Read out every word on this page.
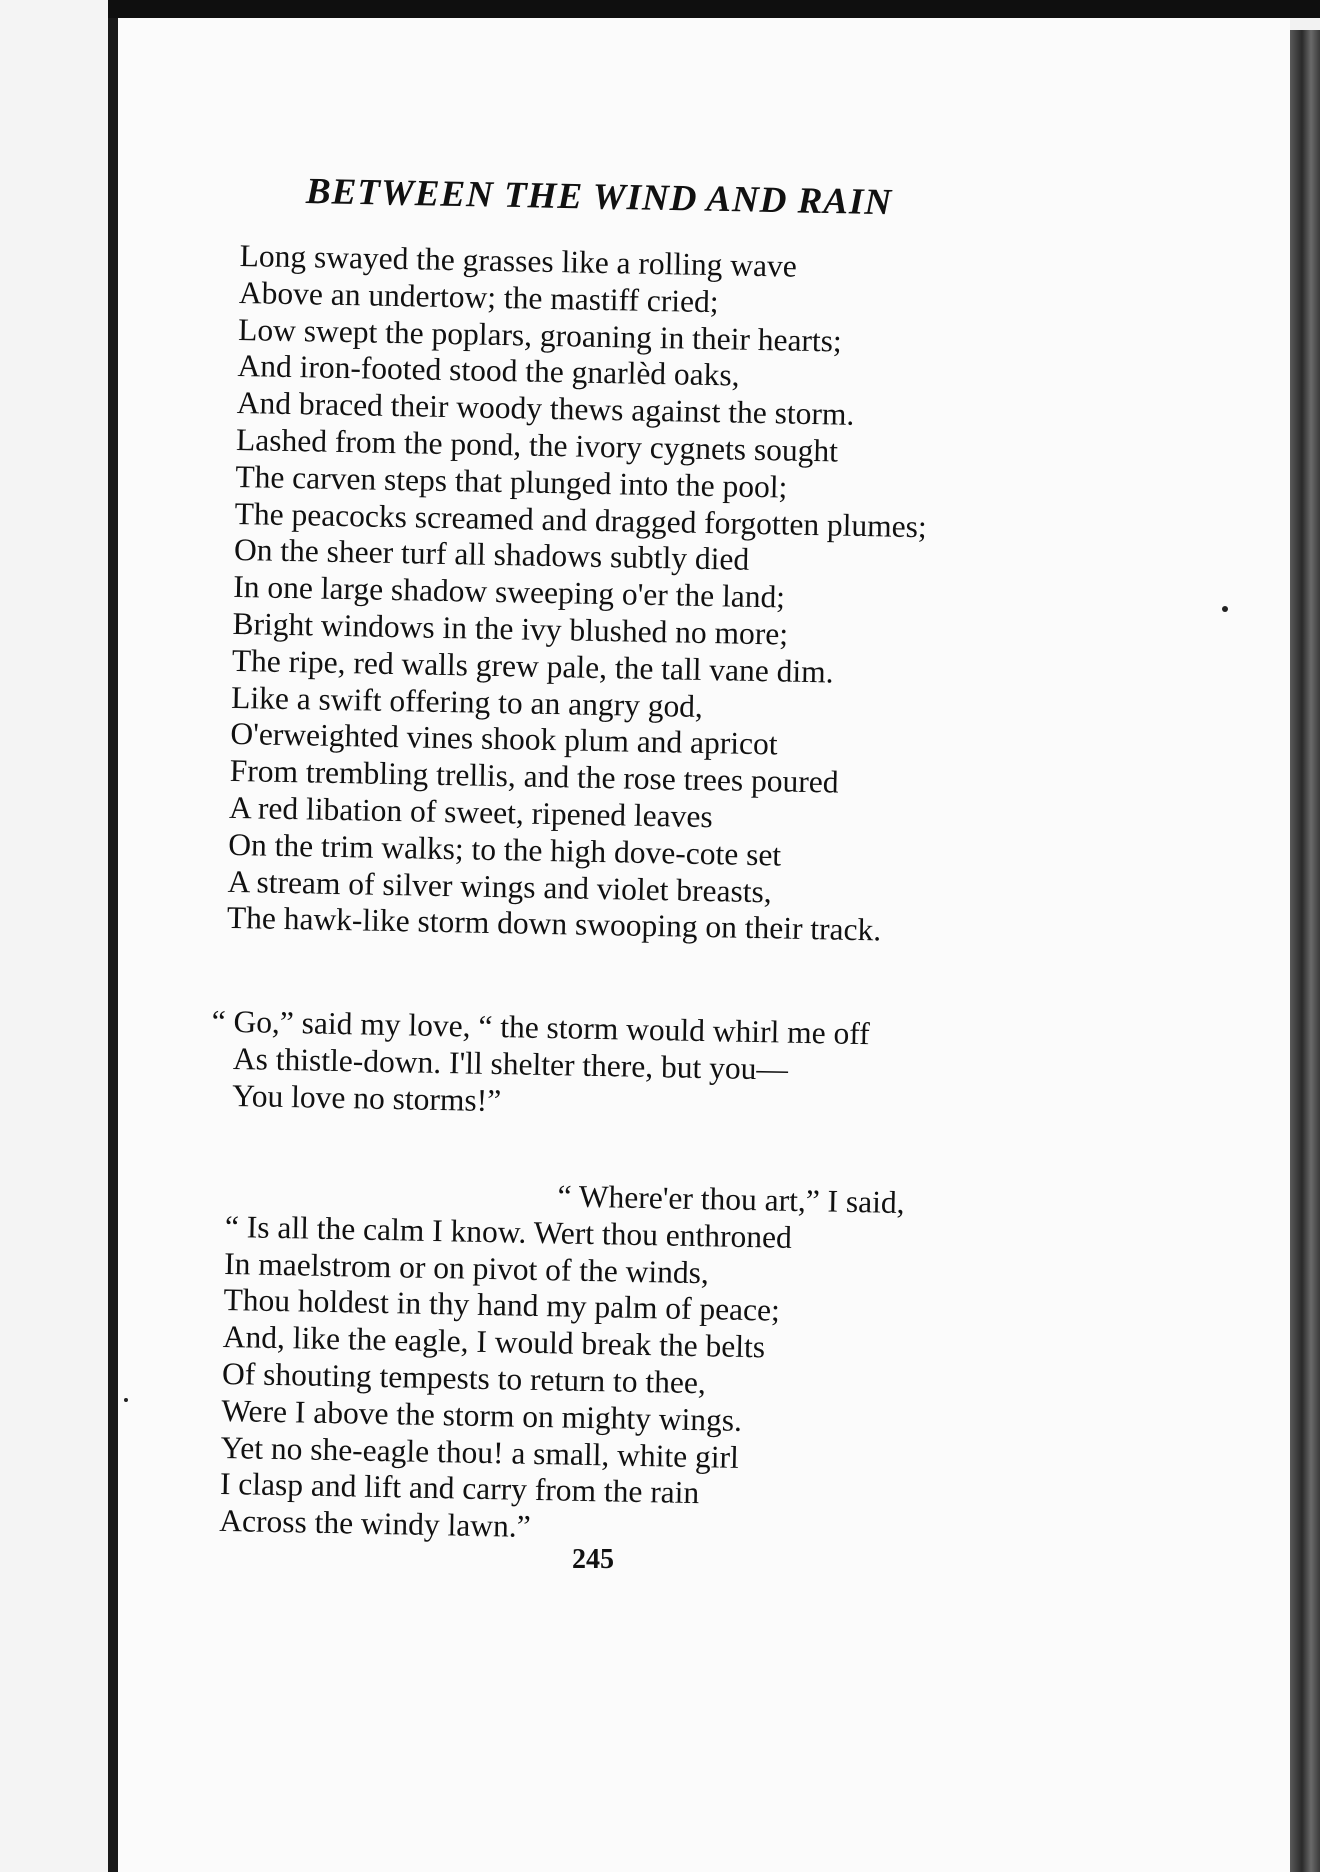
BETWEEN THE WIND AND RAIN
Long swayed the grasses like a rolling wave
Above an undertow; the mastiff cried;
Low swept the poplars, groaning in their hearts;
And iron-footed stood the gnarlèd oaks,
And braced their woody thews against the storm.
Lashed from the pond, the ivory cygnets sought
The carven steps that plunged into the pool;
The peacocks screamed and dragged forgotten plumes;
On the sheer turf all shadows subtly died
In one large shadow sweeping o'er the land;
Bright windows in the ivy blushed no more;
The ripe, red walls grew pale, the tall vane dim.
Like a swift offering to an angry god,
O'erweighted vines shook plum and apricot
From trembling trellis, and the rose trees poured
A red libation of sweet, ripened leaves
On the trim walks; to the high dove-cote set
A stream of silver wings and violet breasts,
The hawk-like storm down swooping on their track.
“ Go,” said my love, “ the storm would whirl me off
As thistle-down. I'll shelter there, but you—
You love no storms!”
“ Where'er thou art,” I said,
“ Is all the calm I know. Wert thou enthroned
In maelstrom or on pivot of the winds,
Thou holdest in thy hand my palm of peace;
And, like the eagle, I would break the belts
Of shouting tempests to return to thee,
Were I above the storm on mighty wings.
Yet no she-eagle thou! a small, white girl
I clasp and lift and carry from the rain
Across the windy lawn.”
245
